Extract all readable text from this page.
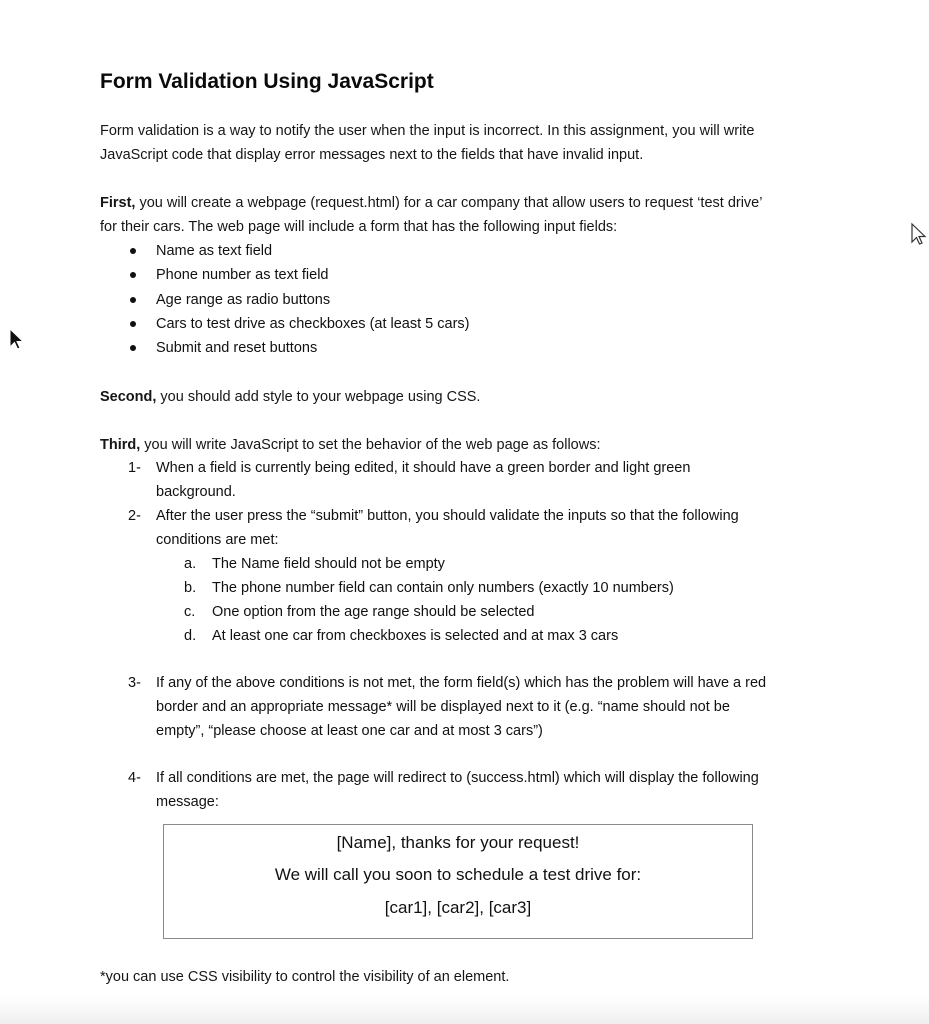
Form Validation Using JavaScript
Form validation is a way to notify the user when the input is incorrect. In this assignment, you will write
JavaScript code that display error messages next to the fields that have invalid input.
First, you will create a webpage (request.html) for a car company that allow users to request ‘test drive’
for their cars. The web page will include a form that has the following input fields:
Name as text field
Phone number as text field
Age range as radio buttons
Cars to test drive as checkboxes (at least 5 cars)
Submit and reset buttons
Second, you should add style to your webpage using CSS.
Third, you will write JavaScript to set the behavior of the web page as follows:
1-	When a field is currently being edited, it should have a green border and light green
background.
2-	After the user press the “submit” button, you should validate the inputs so that the following
conditions are met:
a. The Name field should not be empty
b. The phone number field can contain only numbers (exactly 10 numbers)
c. One option from the age range should be selected
d. At least one car from checkboxes is selected and at max 3 cars
3-	If any of the above conditions is not met, the form field(s) which has the problem will have a red
border and an appropriate message* will be displayed next to it (e.g. “name should not be
empty”, “please choose at least one car and at most 3 cars”)
4-	If all conditions are met, the page will redirect to (success.html) which will display the following
message:
[Name], thanks for your request!
We will call you soon to schedule a test drive for:
[car1], [car2], [car3]
*you can use CSS visibility to control the visibility of an element.
